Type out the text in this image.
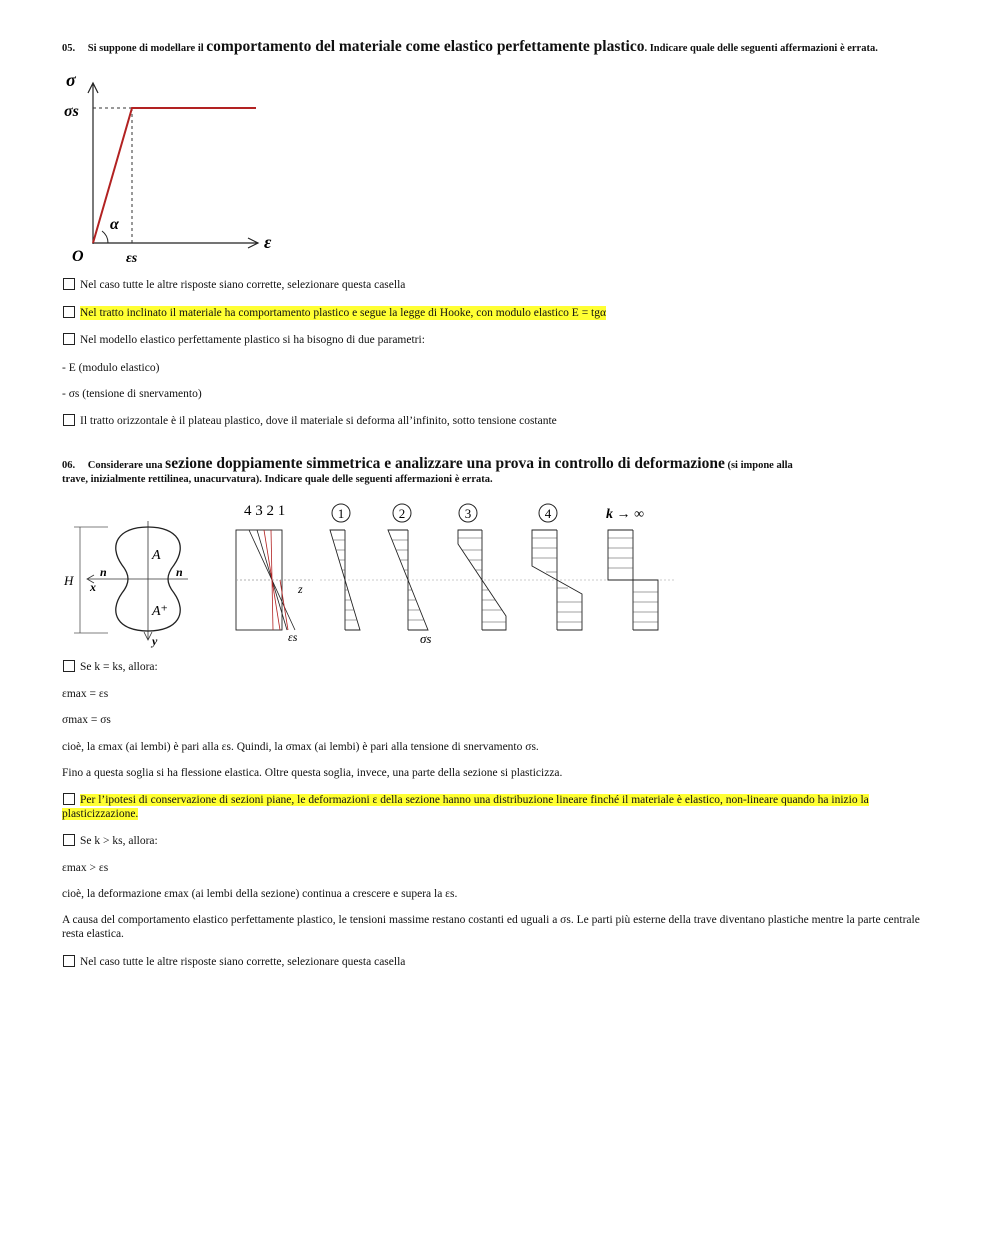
05. Si suppone di modellare il comportamento del materiale come elastico perfettamente plastico. Indicare quale delle seguenti affermazioni è errata.
σ
σs
α
O
ε
εs
Nel caso tutte le altre risposte siano corrette, selezionare questa casella
Nel tratto inclinato il materiale ha comportamento plastico e segue la legge di Hooke, con modulo elastico E = tgα
Nel modello elastico perfettamente plastico si ha bisogno di due parametri:
- E (modulo elastico)
- σs (tensione di snervamento)
Il tratto orizzontale è il plateau plastico, dove il materiale si deforma all’infinito, sotto tensione costante
06. Considerare una sezione doppiamente simmetrica e analizzare una prova in controllo di deformazione (si impone alla
trave, inizialmente rettilinea, unacurvatura). Indicare quale delle seguenti affermazioni è errata.
H
n	n
x
y
A
A⁺
4 3 2 1
z
εs
1	2
σs
3	4	k → ∞
Se k = ks, allora:
εmax = εs
σmax = σs
cioè, la εmax (ai lembi) è pari alla εs. Quindi, la σmax (ai lembi) è pari alla tensione di snervamento σs.
Fino a questa soglia si ha flessione elastica. Oltre questa soglia, invece, una parte della sezione si plasticizza.
Per l’ipotesi di conservazione di sezioni piane, le deformazioni ε della sezione hanno una distribuzione lineare finché il materiale è elastico, non-lineare quando ha inizio la plasticizzazione.
Se k > ks, allora:
εmax > εs
cioè, la deformazione εmax (ai lembi della sezione) continua a crescere e supera la εs.
A causa del comportamento elastico perfettamente plastico, le tensioni massime restano costanti ed uguali a σs. Le parti più esterne della trave diventano plastiche mentre la parte centrale resta elastica.
Nel caso tutte le altre risposte siano corrette, selezionare questa casella
